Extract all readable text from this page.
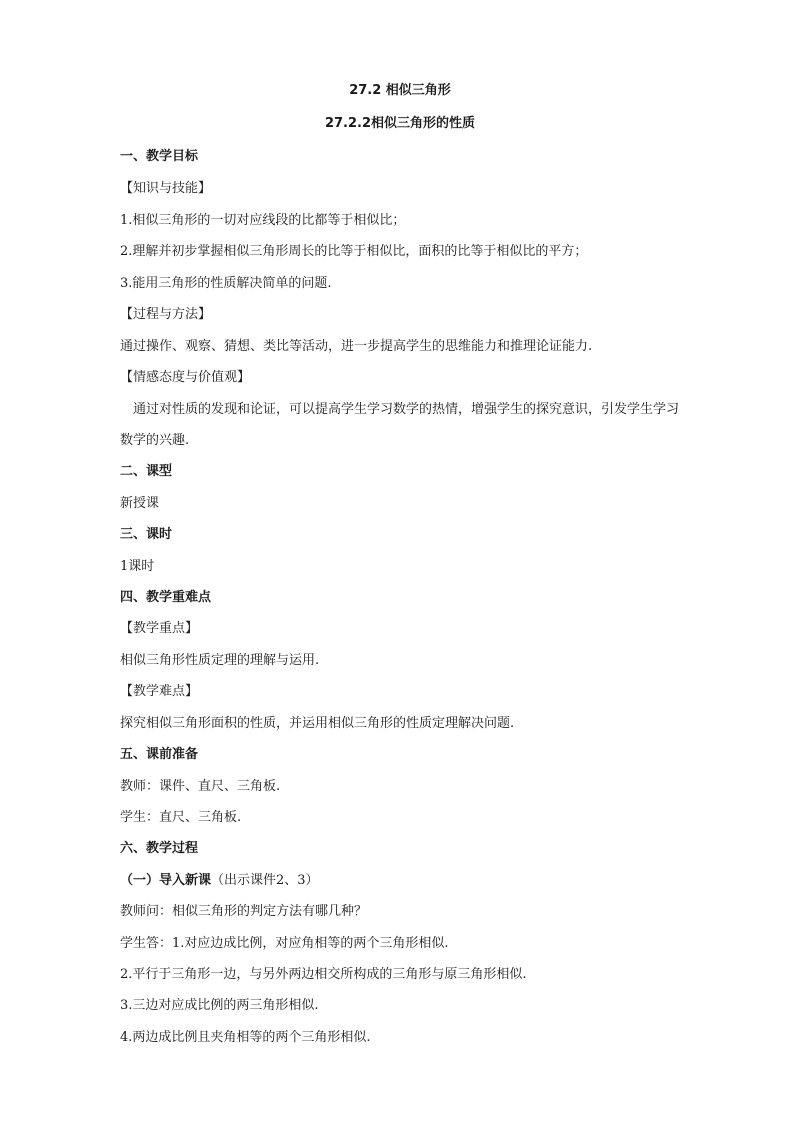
27.2 相似三角形
27.2.2相似三角形的性质
一、教学目标
【知识与技能】
1.相似三角形的一切对应线段的比都等于相似比；
2.理解并初步掌握相似三角形周长的比等于相似比，面积的比等于相似比的平方；
3.能用三角形的性质解决简单的问题.
【过程与方法】
通过操作、观察、猜想、类比等活动，进一步提高学生的思维能力和推理论证能力.
【情感态度与价值观】
通过对性质的发现和论证，可以提高学生学习数学的热情，增强学生的探究意识，引发学生学习
数学的兴趣.
二、课型
新授课
三、课时
1课时
四、教学重难点
【教学重点】
相似三角形性质定理的理解与运用.
【教学难点】
探究相似三角形面积的性质，并运用相似三角形的性质定理解决问题.
五、课前准备
教师：课件、直尺、三角板.
学生：直尺、三角板.
六、教学过程
（一）导入新课（出示课件2、3）
教师问：相似三角形的判定方法有哪几种？
学生答：1.对应边成比例，对应角相等的两个三角形相似.
2.平行于三角形一边，与另外两边相交所构成的三角形与原三角形相似.
3.三边对应成比例的两三角形相似.
4.两边成比例且夹角相等的两个三角形相似.
